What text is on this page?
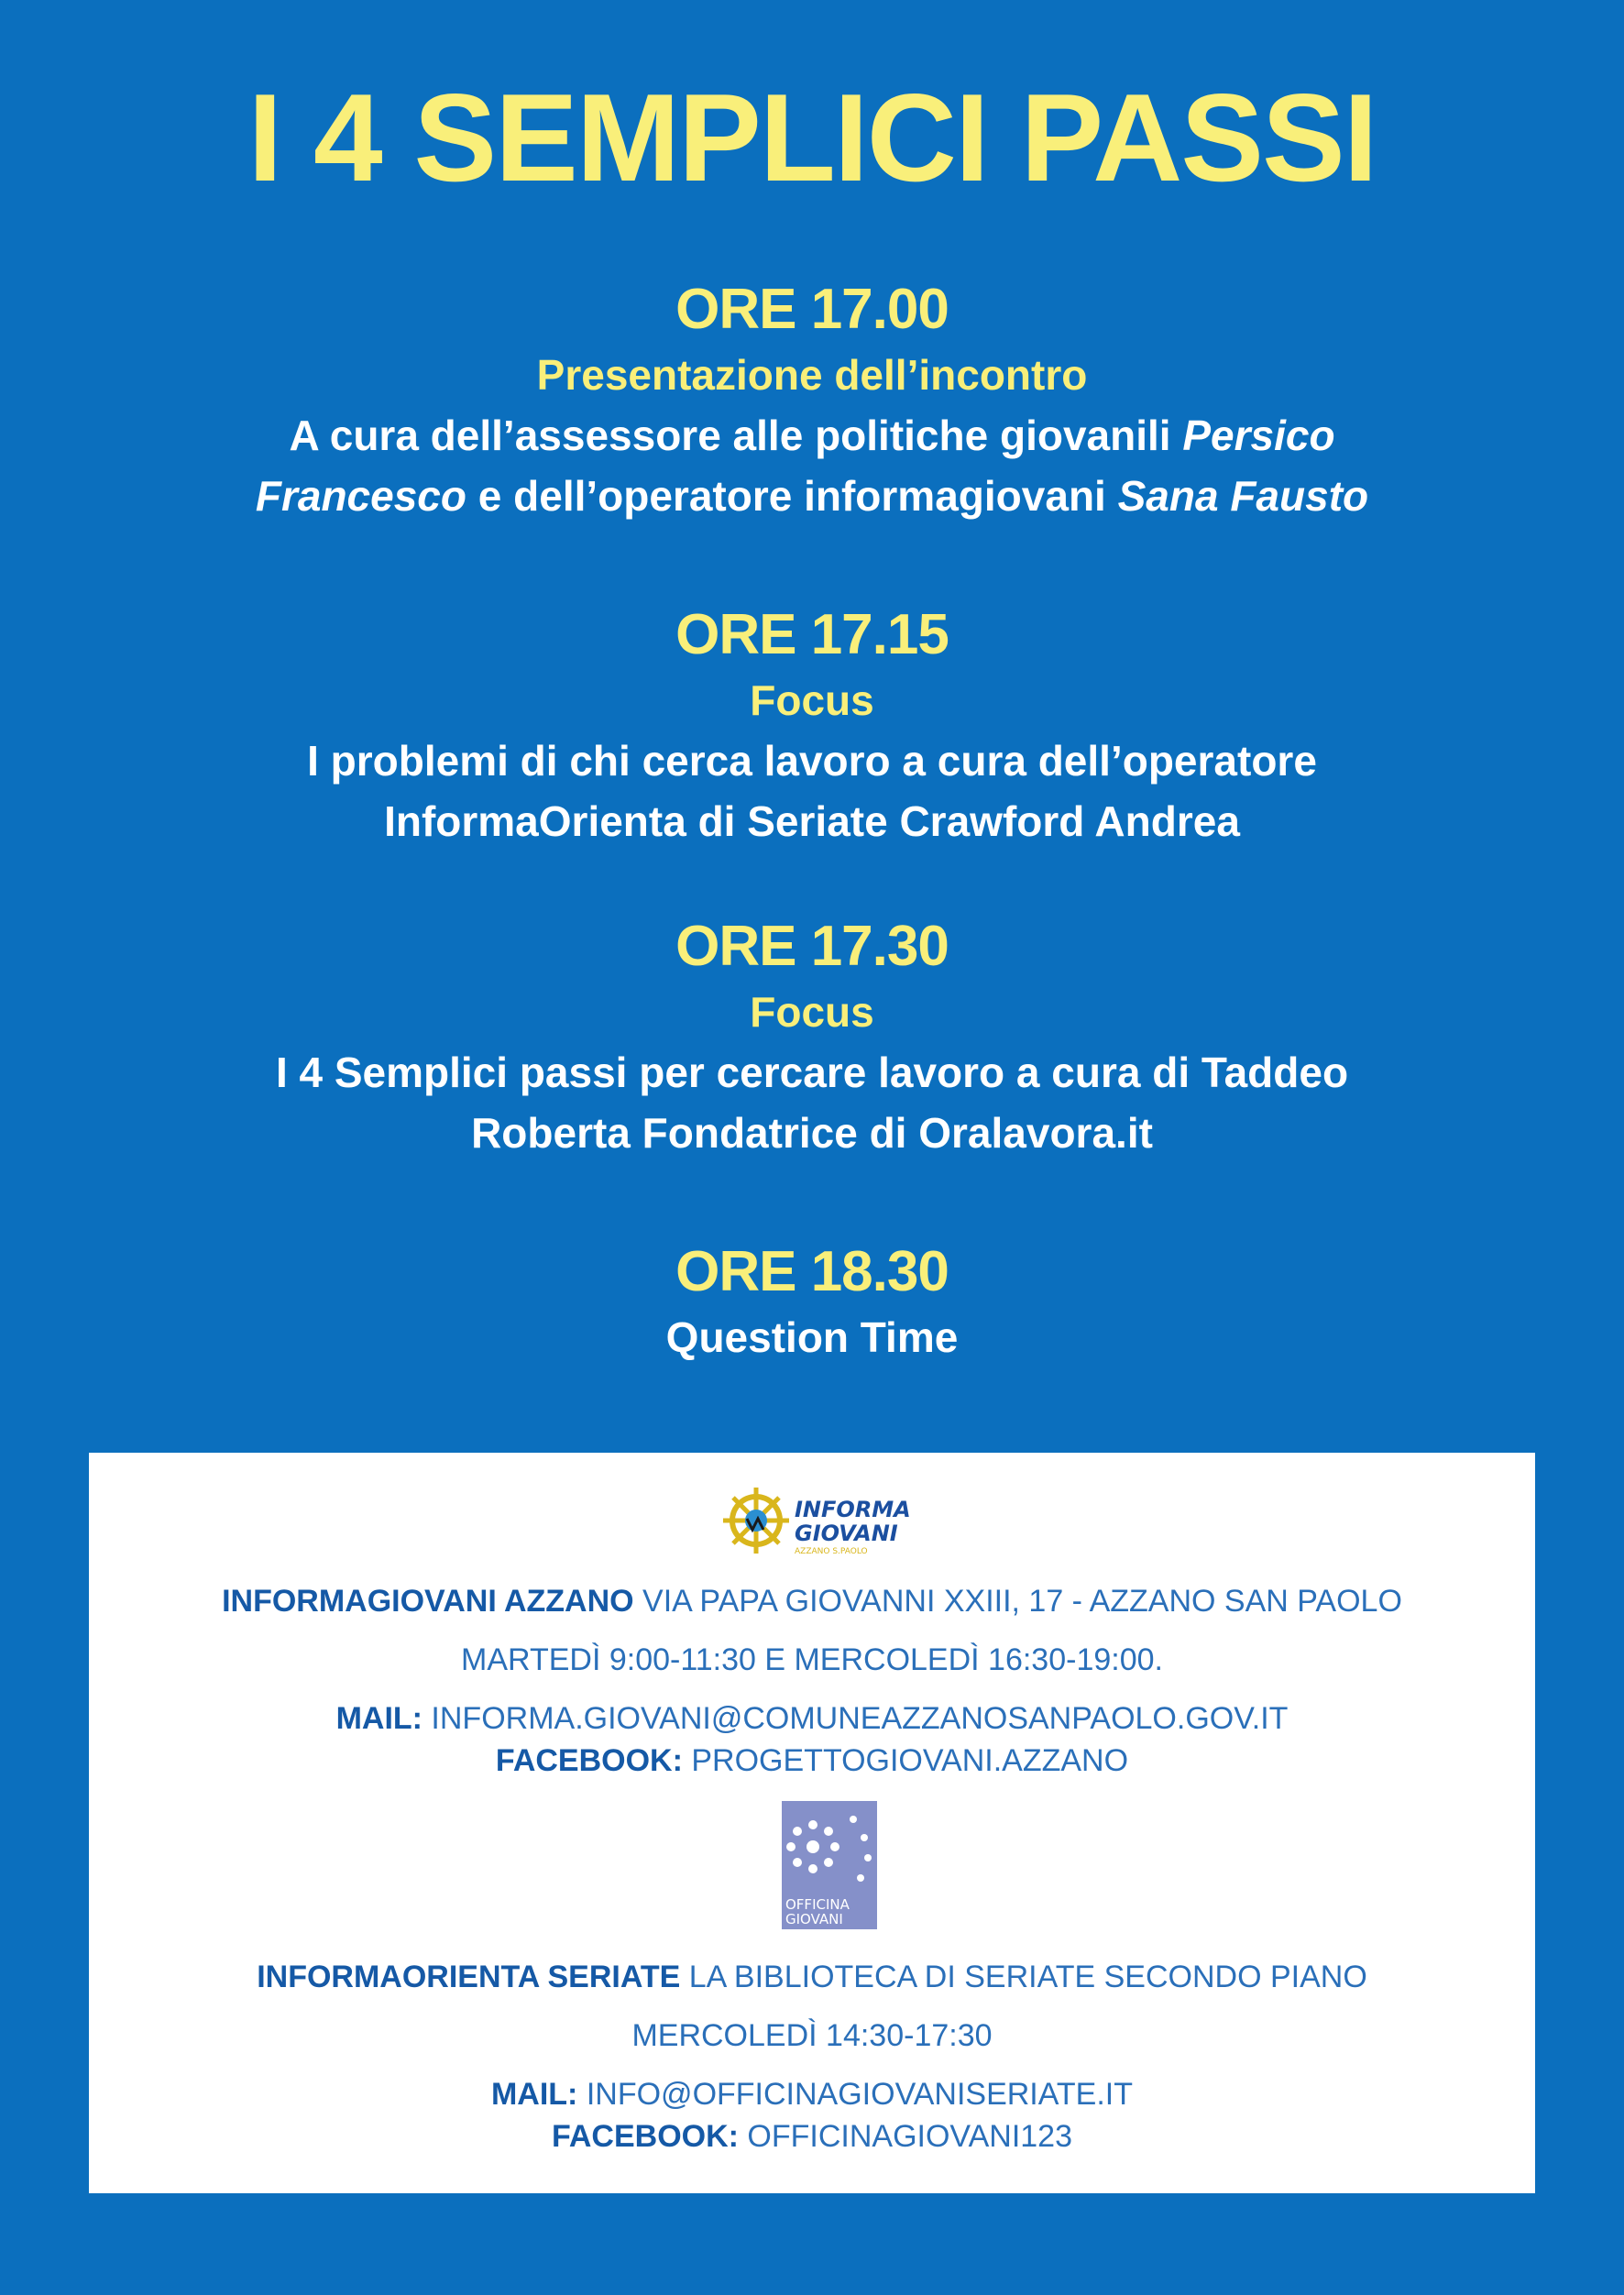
I 4 SEMPLICI PASSI
ORE 17.00
Presentazione dell’incontro
A cura dell’assessore alle politiche giovanili Persico
Francesco e dell’operatore informagiovani Sana Fausto
ORE 17.15
Focus
I problemi di chi cerca lavoro a cura dell’operatore
InformaOrienta di Seriate Crawford Andrea
ORE 17.30
Focus
I 4 Semplici passi per cercare lavoro a cura di Taddeo
Roberta Fondatrice di Oralavora.it
ORE 18.30
Question Time
INFORMA
GIOVANI
AZZANO S.PAOLO
INFORMAGIOVANI AZZANO VIA PAPA GIOVANNI XXIII, 17 - AZZANO SAN PAOLO
MARTEDÌ 9:00-11:30 E MERCOLEDÌ 16:30-19:00.
MAIL: INFORMA.GIOVANI@COMUNEAZZANOSANPAOLO.GOV.IT
FACEBOOK: PROGETTOGIOVANI.AZZANO
OFFICINA
GIOVANI
INFORMAORIENTA SERIATE LA BIBLIOTECA DI SERIATE SECONDO PIANO
MERCOLEDÌ 14:30-17:30
MAIL: INFO@OFFICINAGIOVANISERIATE.IT
FACEBOOK: OFFICINAGIOVANI123
